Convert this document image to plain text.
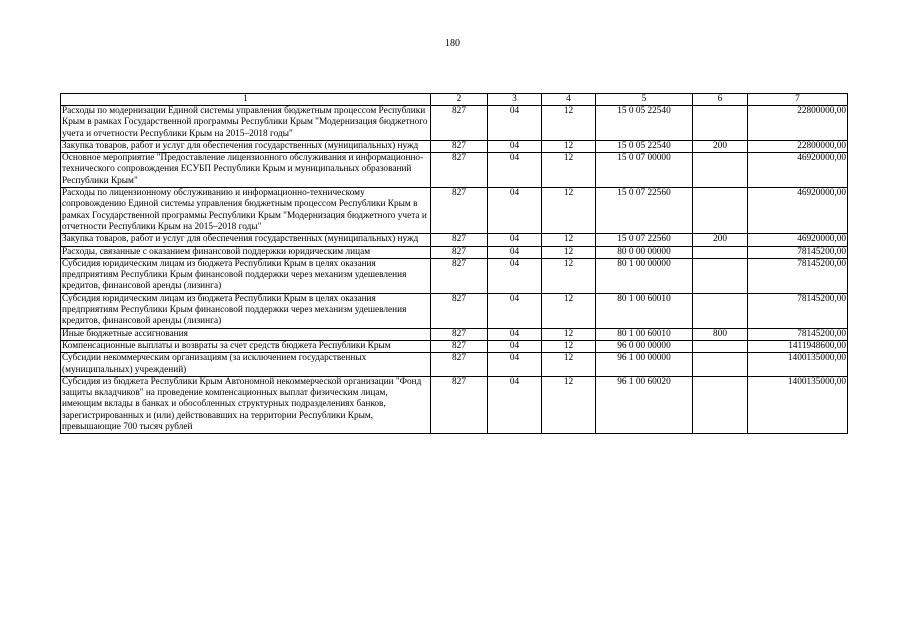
180
1	2	3	4	5	6	7
Расходы по модернизации Единой системы управления бюджетным процессом Республики Крым в рамках Государственной программы Республики Крым "Модернизация бюджетного учета и отчетности Республики Крым на 2015–2018 годы"	827	04	12	15 0 05 22540		22800000,00
Закупка товаров, работ и услуг для обеспечения государственных (муниципальных) нужд	827	04	12	15 0 05 22540	200	22800000,00
Основное мероприятие "Предоставление лицензионного обслуживания и информационно-технического сопровождения ЕСУБП Республики Крым и муниципальных образований Республики Крым"	827	04	12	15 0 07 00000		46920000,00
Расходы по лицензионному обслуживанию и информационно-техническому сопровождению Единой системы управления бюджетным процессом Республики Крым в рамках Государственной программы Республики Крым "Модернизация бюджетного учета и отчетности Республики Крым на 2015–2018 годы"	827	04	12	15 0 07 22560		46920000,00
Закупка товаров, работ и услуг для обеспечения государственных (муниципальных) нужд	827	04	12	15 0 07 22560	200	46920000,00
Расходы, связанные с оказанием финансовой поддержки юридическим лицам	827	04	12	80 0 00 00000		78145200,00
Субсидия юридическим лицам из бюджета Республики Крым в целях оказания предприятиям Республики Крым финансовой поддержки через механизм удешевления кредитов, финансовой аренды (лизинга)	827	04	12	80 1 00 00000		78145200,00
Субсидия юридическим лицам из бюджета Республики Крым в целях оказания предприятиям Республики Крым финансовой поддержки через механизм удешевления кредитов, финансовой аренды (лизинга)	827	04	12	80 1 00 60010		78145200,00
Иные бюджетные ассигнования	827	04	12	80 1 00 60010	800	78145200,00
Компенсационные выплаты и возвраты за счет средств бюджета Республики Крым	827	04	12	96 0 00 00000		1411948600,00
Субсидии некоммерческим организациям (за исключением государственных (муниципальных) учреждений)	827	04	12	96 1 00 00000		1400135000,00
Субсидия из бюджета Республики Крым Автономной некоммерческой организации "Фонд защиты вкладчиков" на проведение компенсационных выплат физическим лицам, имеющим вклады в банках и обособленных структурных подразделениях банков, зарегистрированных и (или) действовавших на территории Республики Крым, превышающие 700 тысяч рублей	827	04	12	96 1 00 60020		1400135000,00
